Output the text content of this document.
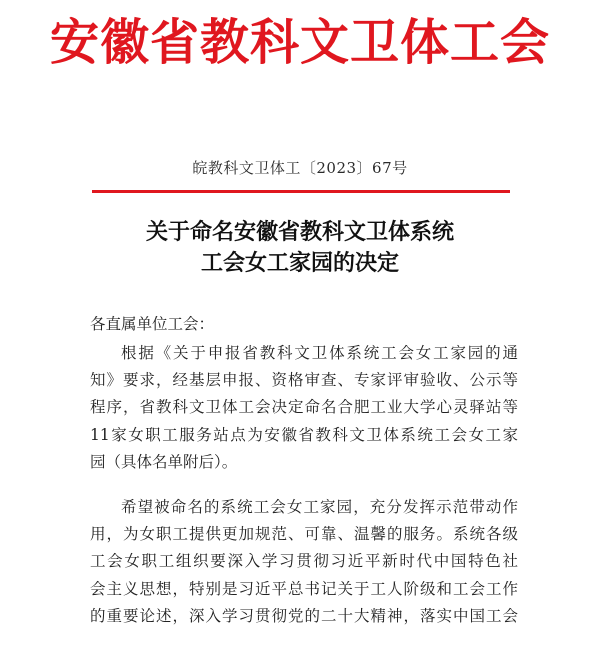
安徽省教科文卫体工会
皖教科文卫体工〔2023〕67号
关于命名安徽省教科文卫体系统
工会女工家园的决定
各直属单位工会：
根据《关于申报省教科文卫体系统工会女工家园的通
知》要求，经基层申报、资格审查、专家评审验收、公示等
程序，省教科文卫体工会决定命名合肥工业大学心灵驿站等
11家女职工服务站点为安徽省教科文卫体系统工会女工家
园（具体名单附后）。
希望被命名的系统工会女工家园，充分发挥示范带动作
用，为女职工提供更加规范、可靠、温馨的服务。系统各级
工会女职工组织要深入学习贯彻习近平新时代中国特色社
会主义思想，特别是习近平总书记关于工人阶级和工会工作
的重要论述，深入学习贯彻党的二十大精神，落实中国工会
